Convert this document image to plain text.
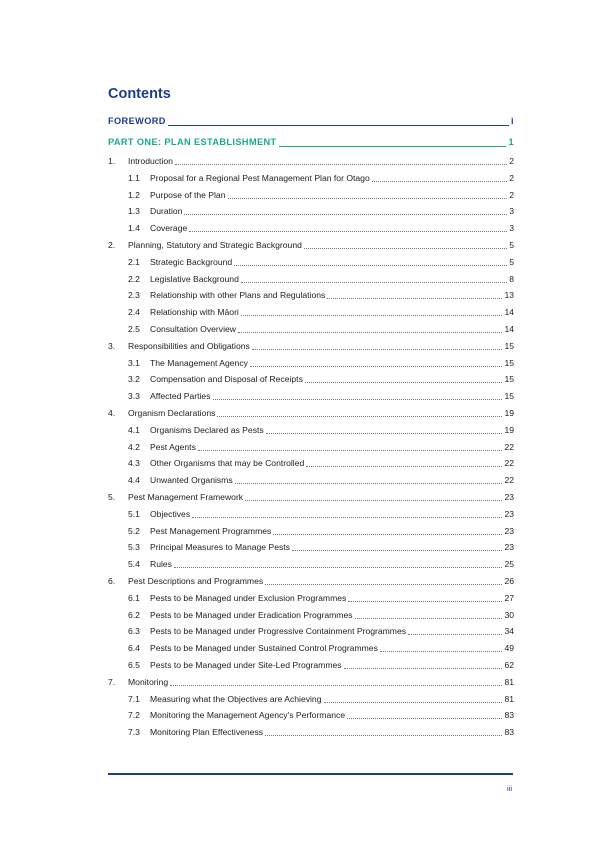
Contents
FOREWORD	i
PART ONE: PLAN ESTABLISHMENT	1
1.	Introduction	2
1.1	Proposal for a Regional Pest Management Plan for Otago	2
1.2	Purpose of the Plan	2
1.3	Duration	3
1.4	Coverage	3
2.	Planning, Statutory and Strategic Background	5
2.1	Strategic Background	5
2.2	Legislative Background	8
2.3	Relationship with other Plans and Regulations	13
2.4	Relationship with Māori	14
2.5	Consultation Overview	14
3.	Responsibilities and Obligations	15
3.1	The Management Agency	15
3.2	Compensation and Disposal of Receipts	15
3.3	Affected Parties	15
4.	Organism Declarations	19
4.1	Organisms Declared as Pests	19
4.2	Pest Agents	22
4.3	Other Organisms that may be Controlled	22
4.4	Unwanted Organisms	22
5.	Pest Management Framework	23
5.1	Objectives	23
5.2	Pest Management Programmes	23
5.3	Principal Measures to Manage Pests	23
5.4	Rules	25
6.	Pest Descriptions and Programmes	26
6.1	Pests to be Managed under Exclusion Programmes	27
6.2	Pests to be Managed under Eradication Programmes	30
6.3	Pests to be Managed under Progressive Containment Programmes	34
6.4	Pests to be Managed under Sustained Control Programmes	49
6.5	Pests to be Managed under Site-Led Programmes	62
7.	Monitoring	81
7.1	Measuring what the Objectives are Achieving	81
7.2	Monitoring the Management Agency's Performance	83
7.3	Monitoring Plan Effectiveness	83
iii
